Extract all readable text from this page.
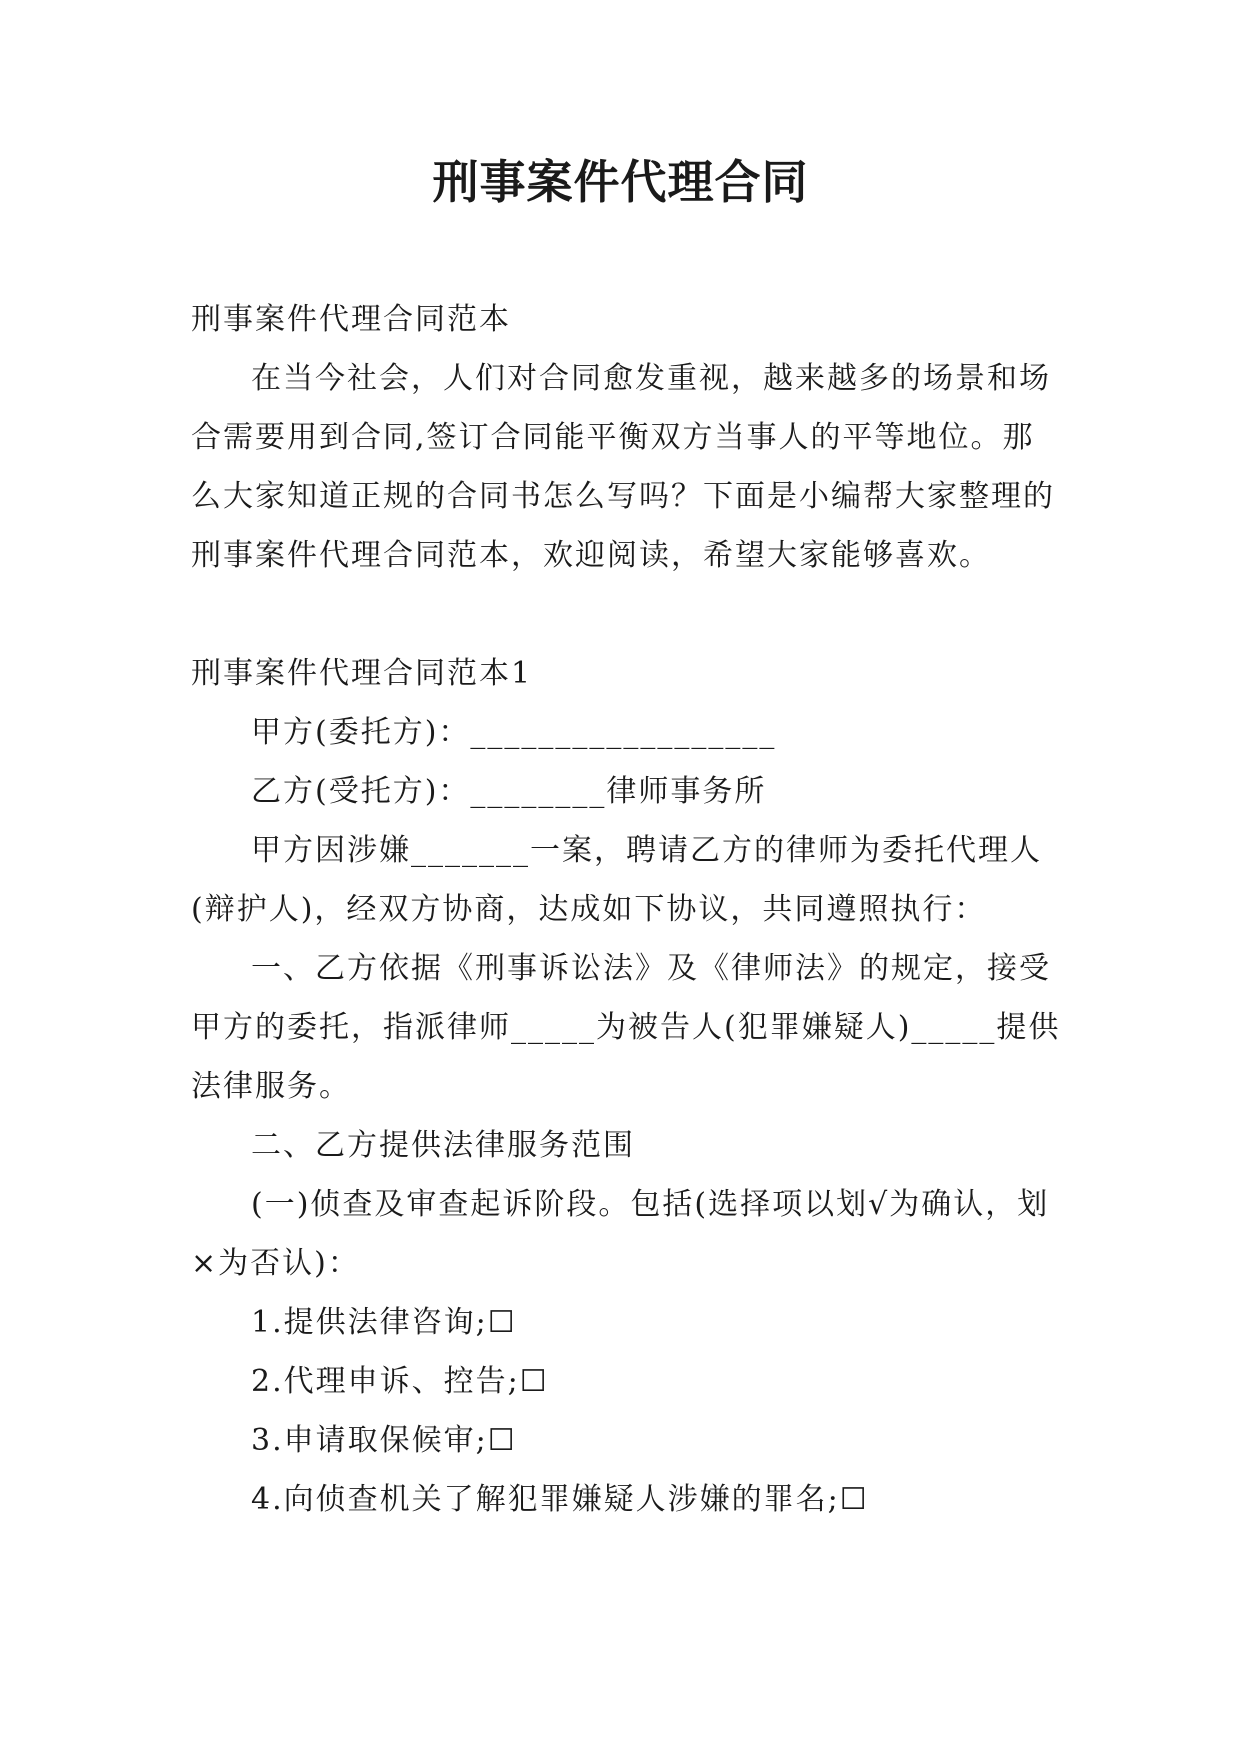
刑事案件代理合同

刑事案件代理合同范本

在当今社会，人们对合同愈发重视，越来越多的场景和场合需要用到合同,签订合同能平衡双方当事人的平等地位。那么大家知道正规的合同书怎么写吗？下面是小编帮大家整理的刑事案件代理合同范本，欢迎阅读，希望大家能够喜欢。

刑事案件代理合同范本1

甲方(委托方)：__________________

乙方(受托方)：________律师事务所

甲方因涉嫌_______一案，聘请乙方的律师为委托代理人(辩护人)，经双方协商，达成如下协议，共同遵照执行：

一、乙方依据《刑事诉讼法》及《律师法》的规定，接受甲方的委托，指派律师_____为被告人(犯罪嫌疑人)_____提供法律服务。

二、乙方提供法律服务范围

(一)侦查及审查起诉阶段。包括(选择项以划√为确认，划×为否认)：

1.提供法律咨询;☐

2.代理申诉、控告;☐

3.申请取保候审;☐

4.向侦查机关了解犯罪嫌疑人涉嫌的罪名;☐
